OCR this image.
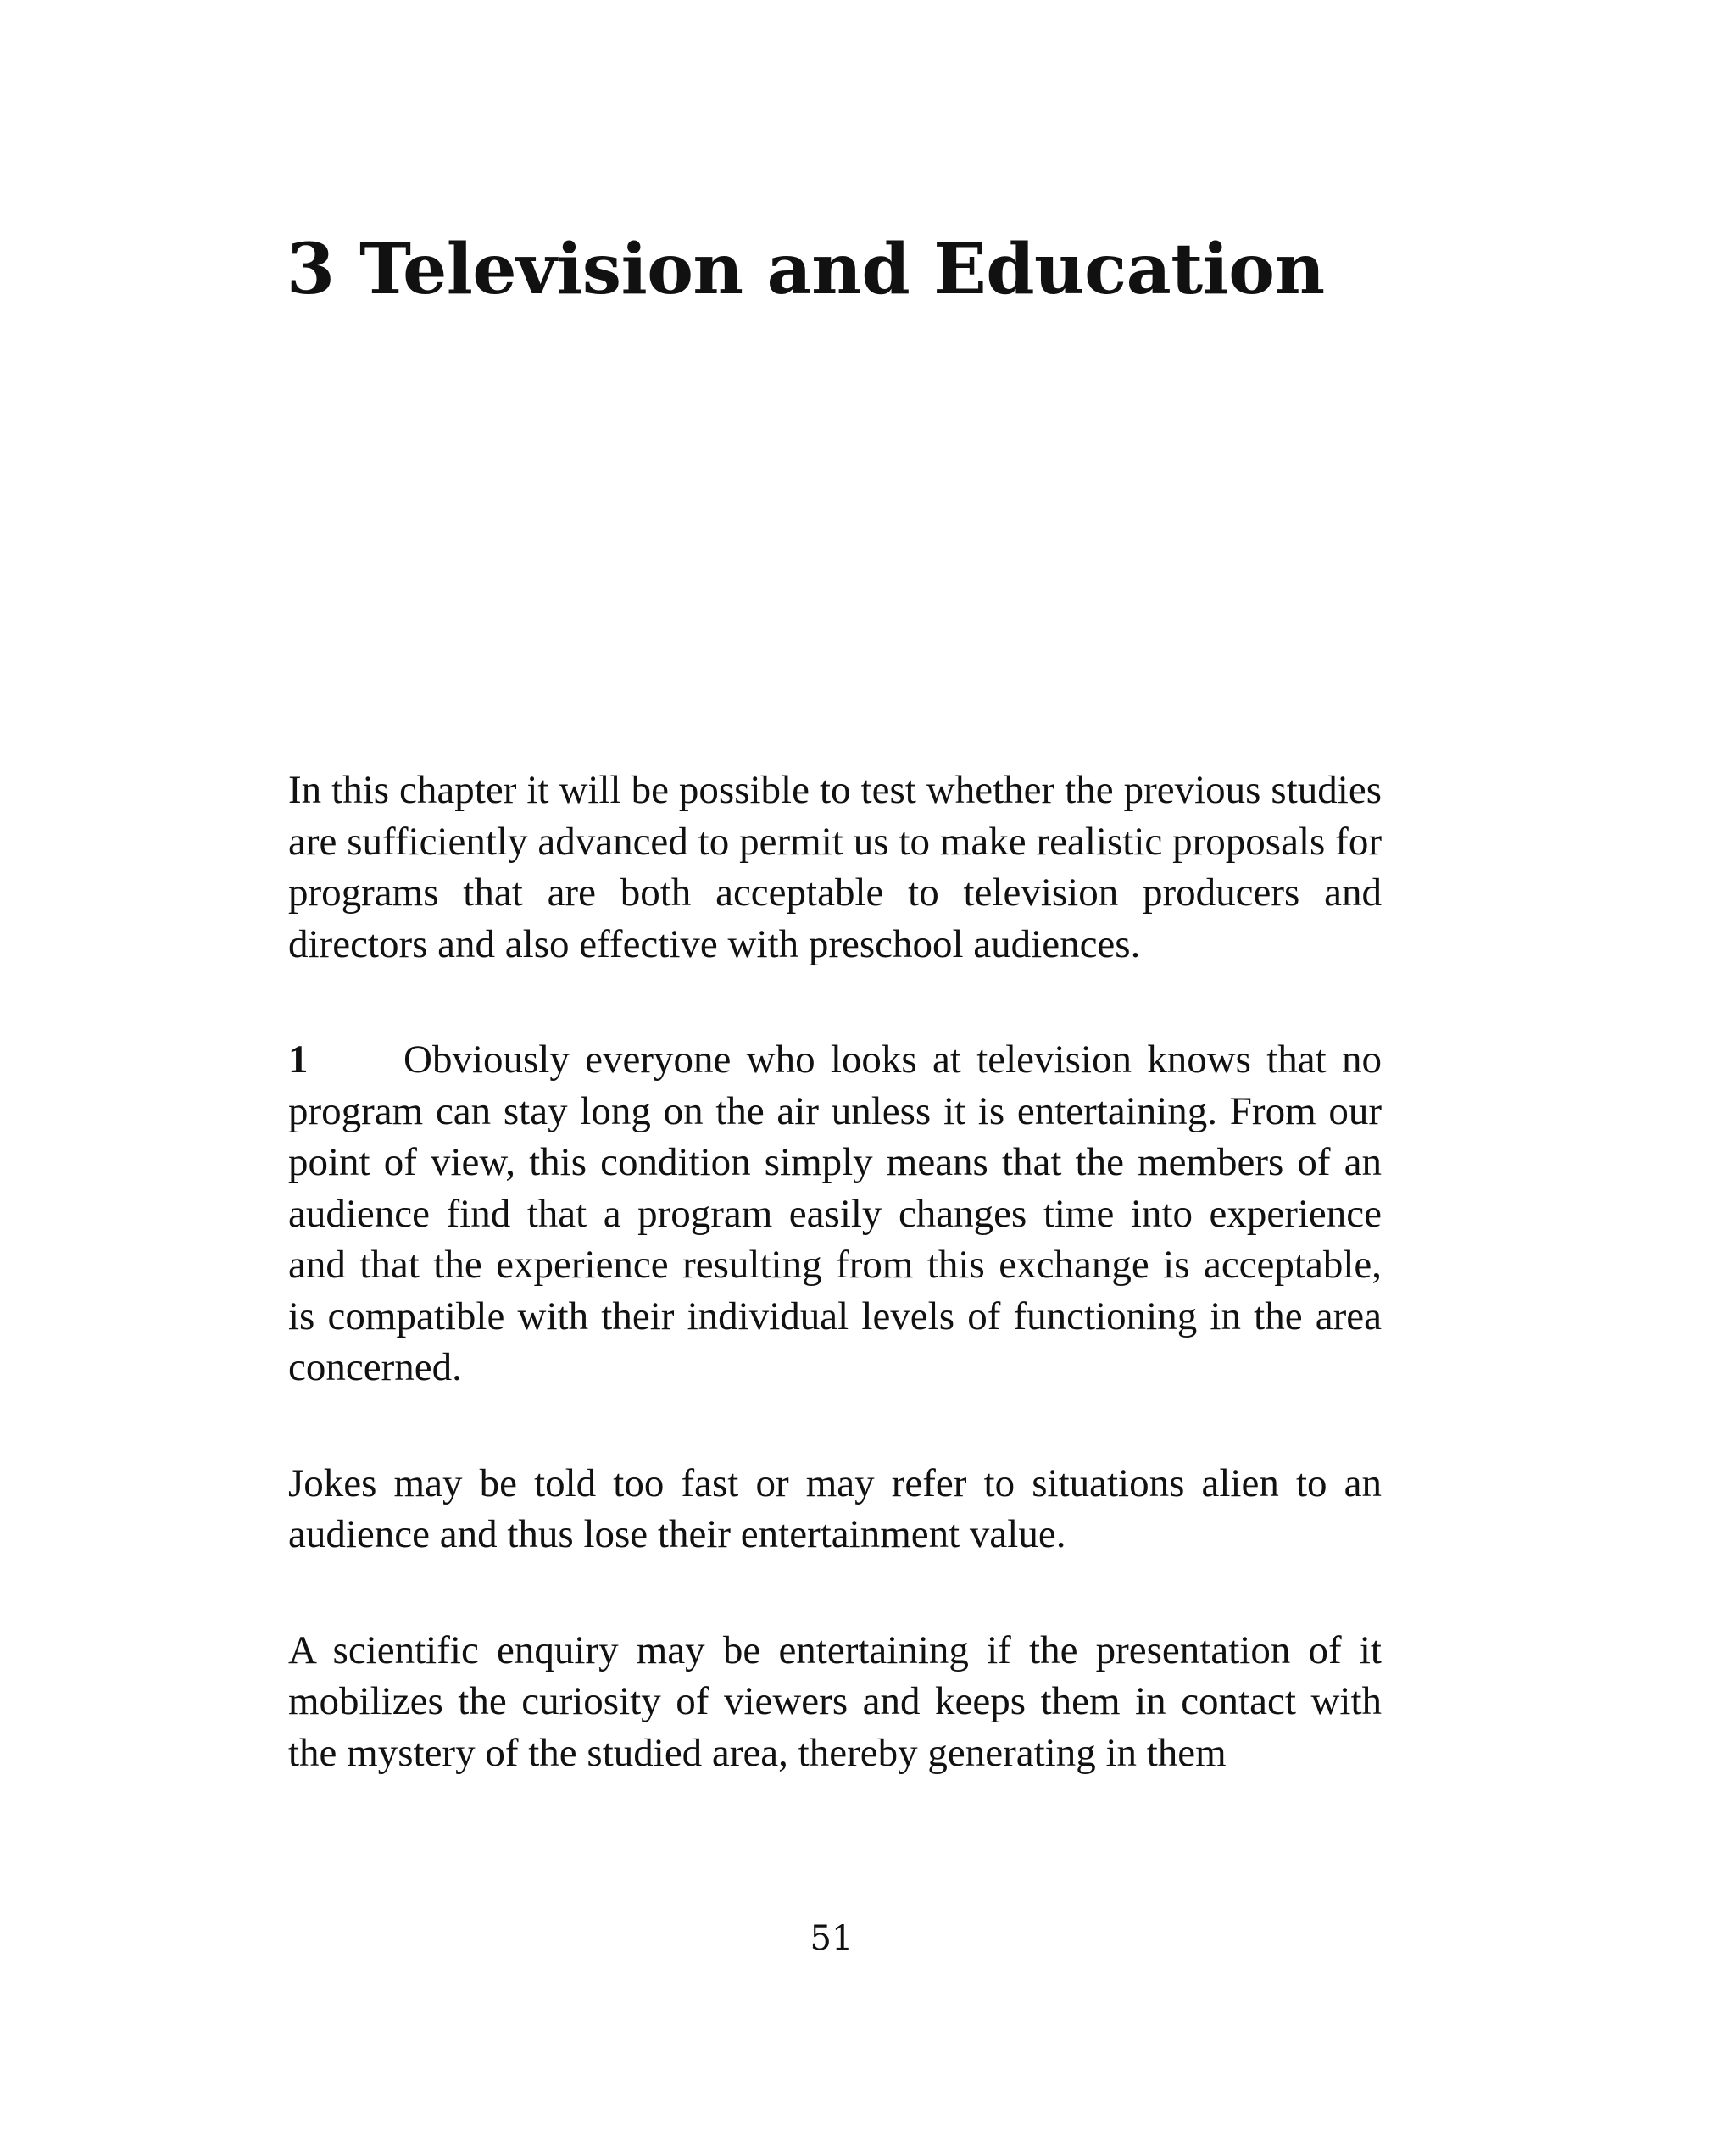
3 Television and Education

In this chapter it will be possible to test whether the previous studies are sufficiently advanced to permit us to make realistic proposals for programs that are both acceptable to television producers and directors and also effective with preschool audiences.

1 Obviously everyone who looks at television knows that no program can stay long on the air unless it is entertaining. From our point of view, this condition simply means that the members of an audience find that a program easily changes time into experience and that the experience resulting from this exchange is acceptable, is compatible with their individual levels of functioning in the area concerned.

Jokes may be told too fast or may refer to situations alien to an audience and thus lose their entertainment value.

A scientific enquiry may be entertaining if the presentation of it mobilizes the curiosity of viewers and keeps them in contact with the mystery of the studied area, thereby generating in them

51
